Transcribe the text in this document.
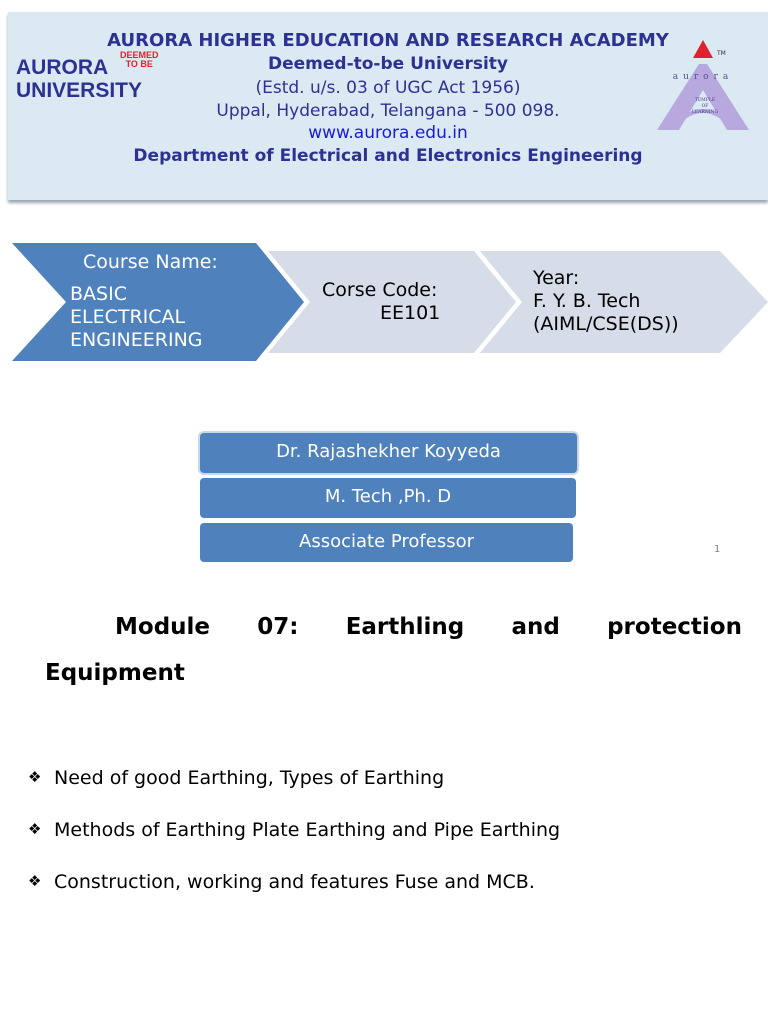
AURORA
DEEMED
TO BE
UNIVERSITY
AURORA HIGHER EDUCATION AND RESEARCH ACADEMY
Deemed-to-be University
(Estd. u/s. 03 of UGC Act 1956)
Uppal, Hyderabad, Telangana - 500 098.
www.aurora.edu.in
Department of Electrical and Electronics Engineering
TM
aurora
TEMPLE
OF
LEARNING
Course Name:
BASIC
ELECTRICAL
ENGINEERING
Corse Code:
EE101
Year:
F. Y. B. Tech
(AIML/CSE(DS))
Dr. Rajashekher Koyyeda
M. Tech ,Ph. D
Associate Professor	1
Module 07: Earthling and protection
Equipment
❖ Need of good Earthing, Types of Earthing
❖ Methods of Earthing Plate Earthing and Pipe Earthing
❖ Construction, working and features Fuse and MCB.
